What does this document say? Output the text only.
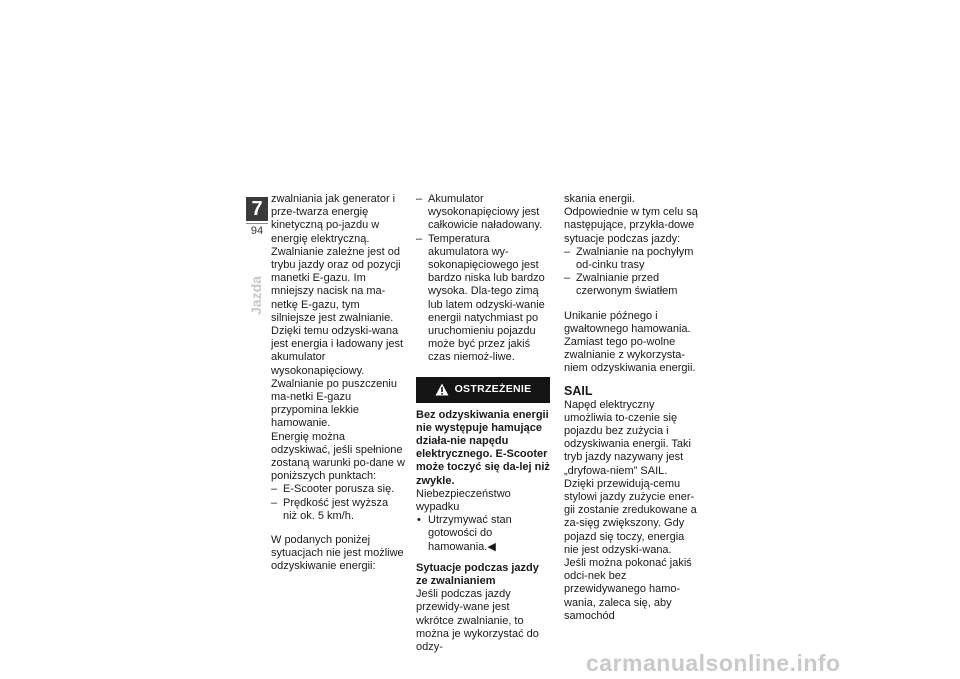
7
94
Jazda

zwalniania jak generator i prze-twarza energię kinetyczną po-jazdu w energię elektryczną.

Zwalnianie zależne jest od trybu jazdy oraz od pozycji manetki E-gazu. Im mniejszy nacisk na ma-netkę E-gazu, tym silniejsze jest zwalnianie. Dzięki temu odzyski-wana jest energia i ładowany jest akumulator wysokonapięciowy.

Zwalnianie po puszczeniu ma-netki E-gazu przypomina lekkie hamowanie.

Energię można odzyskiwać, jeśli spełnione zostaną warunki po-dane w poniższych punktach:

– E-Scooter porusza się.

– Prędkość jest wyższa niż ok. 5 km/h.

W podanych poniżej sytuacjach nie jest możliwe odzyskiwanie energii:

– Akumulator wysokonapięciowy jest całkowicie naładowany.

– Temperatura akumulatora wy-sokonapięciowego jest bardzo niska lub bardzo wysoka. Dla-tego zimą lub latem odzyski-wanie energii natychmiast po uruchomieniu pojazdu może być przez jakiś czas niemoż-liwe.

OSTRZEŻENIE

Bez odzyskiwania energii nie występuje hamujące działa-nie napędu elektrycznego. E-Scooter może toczyć się da-lej niż zwykle.

Niebezpieczeństwo wypadku

• Utrzymywać stan gotowości do hamowania.◀

Sytuacje podczas jazdy ze zwalnianiem

Jeśli podczas jazdy przewidy-wane jest wkrótce zwalnianie, to można je wykorzystać do odzy-

skania energii. Odpowiednie w tym celu są następujące, przykła-dowe sytuacje podczas jazdy:

– Zwalnianie na pochyłym od-cinku trasy

– Zwalnianie przed czerwonym światłem

Unikanie późnego i gwałtownego hamowania. Zamiast tego po-wolne zwalnianie z wykorzysta-niem odzyskiwania energii.

SAIL

Napęd elektryczny umożliwia to-czenie się pojazdu bez zużycia i odzyskiwania energii. Taki tryb jazdy nazywany jest „dryfowa-niem” SAIL. Dzięki przewidują-cemu stylowi jazdy zużycie ener-gii zostanie zredukowane a za-sięg zwiększony. Gdy pojazd się toczy, energia nie jest odzyski-wana.

Jeśli można pokonać jakiś odci-nek bez przewidywanego hamo-wania, zaleca się, aby samochód

carmanualsonline.info
